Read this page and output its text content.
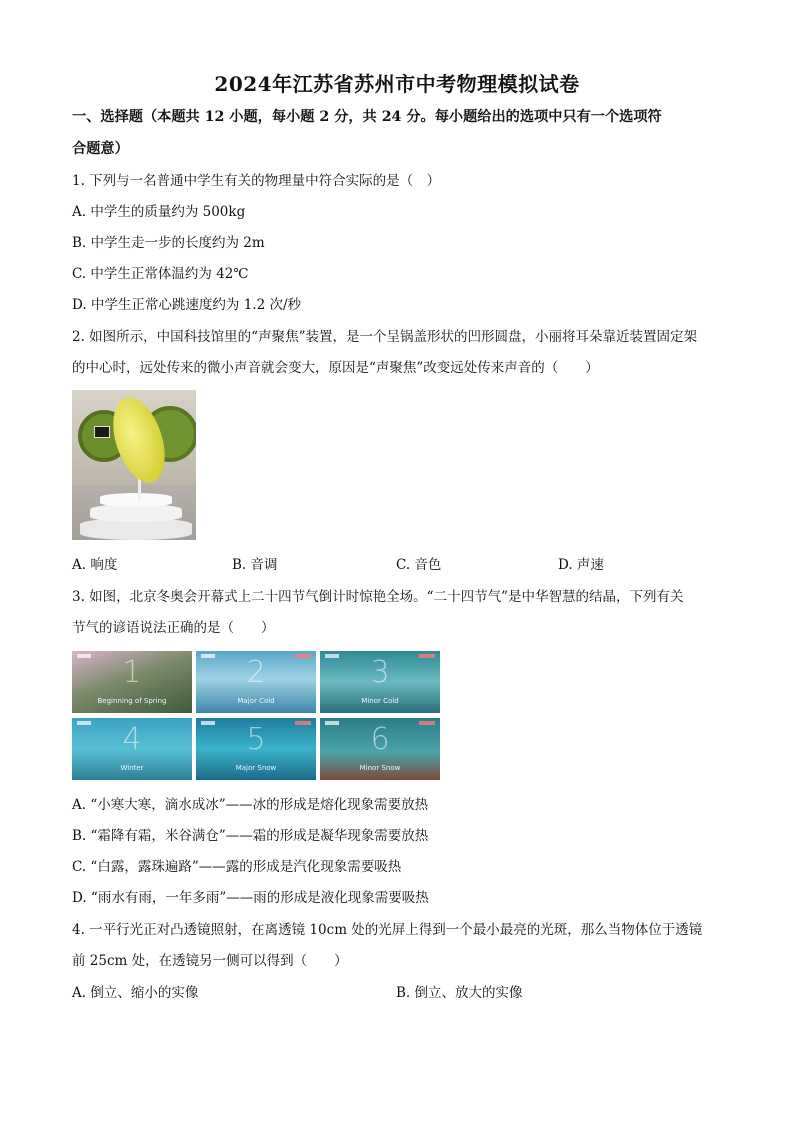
2024年江苏省苏州市中考物理模拟试卷
一、选择题（本题共 12 小题，每小题 2 分，共 24 分。每小题给出的选项中只有一个选项符
合题意）
1. 下列与一名普通中学生有关的物理量中符合实际的是（　）
A. 中学生的质量约为 500kg
B. 中学生走一步的长度约为 2m
C. 中学生正常体温约为 42℃
D. 中学生正常心跳速度约为 1.2 次/秒
2. 如图所示，中国科技馆里的“声聚焦”装置，是一个呈锅盖形状的凹形圆盘，小丽将耳朵靠近装置固定架
的中心时，远处传来的微小声音就会变大，原因是“声聚焦”改变远处传来声音的（　　）
A. 响度	B. 音调	C. 音色	D. 声速
3. 如图，北京冬奥会开幕式上二十四节气倒计时惊艳全场。“二十四节气”是中华智慧的结晶，下列有关
节气的谚语说法正确的是（　　）
1
Beginning of Spring
2
Major Cold
3
Minor Cold
4
Winter
5
Major Snow
6
Minor Snow
A. “小寒大寒，滴水成冰”——冰的形成是熔化现象需要放热
B. “霜降有霜，米谷满仓”——霜的形成是凝华现象需要放热
C. “白露，露珠遍路”——露的形成是汽化现象需要吸热
D. “雨水有雨，一年多雨”——雨的形成是液化现象需要吸热
4. 一平行光正对凸透镜照射，在离透镜 10cm 处的光屏上得到一个最小最亮的光斑，那么当物体位于透镜
前 25cm 处，在透镜另一侧可以得到（　　）
A. 倒立、缩小的实像	B. 倒立、放大的实像
